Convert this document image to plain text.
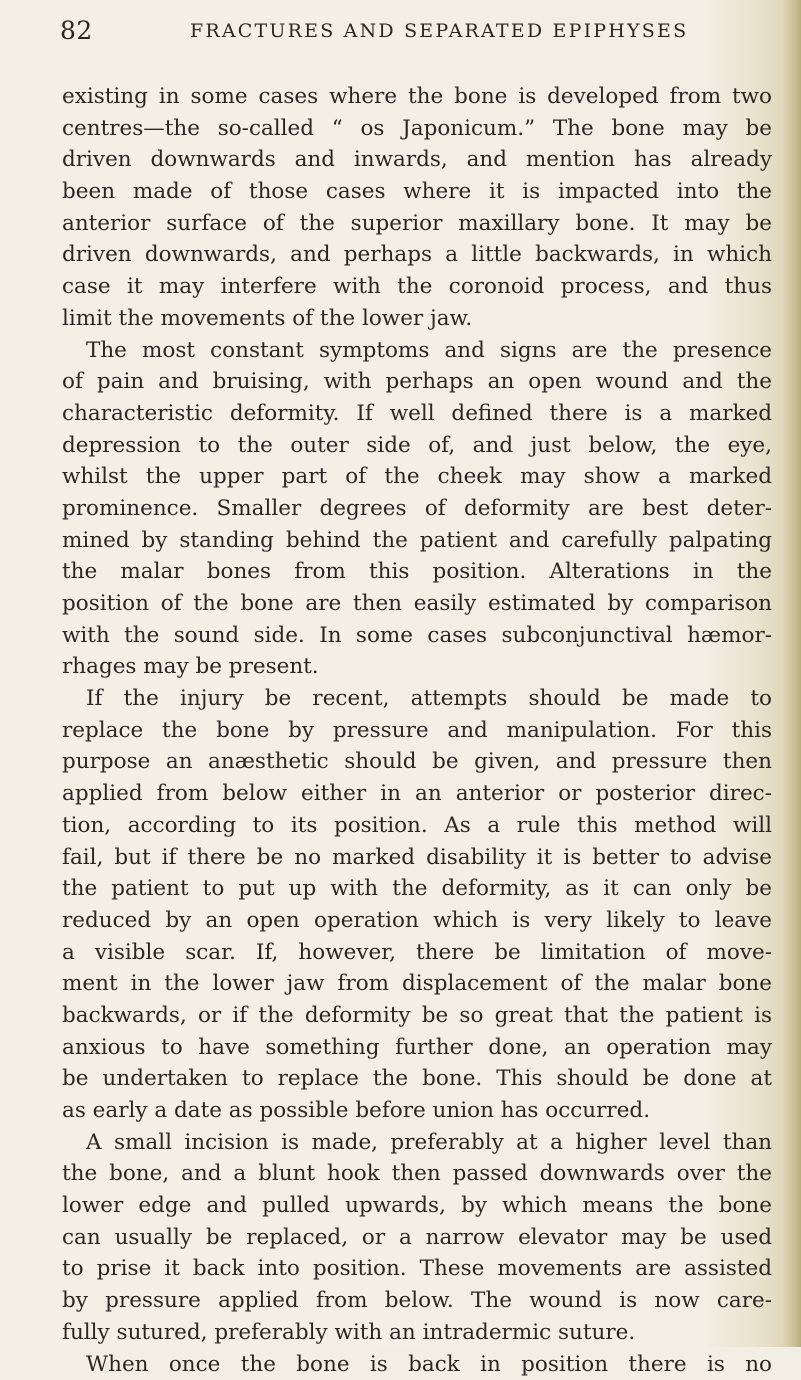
82	FRACTURES AND SEPARATED EPIPHYSES
existing in some cases where the bone is developed from two
centres—the so-called “ os Japonicum.” The bone may be
driven downwards and inwards, and mention has already
been made of those cases where it is impacted into the
anterior surface of the superior maxillary bone. It may be
driven downwards, and perhaps a little backwards, in which
case it may interfere with the coronoid process, and thus
limit the movements of the lower jaw.
The most constant symptoms and signs are the presence
of pain and bruising, with perhaps an open wound and the
characteristic deformity. If well defined there is a marked
depression to the outer side of, and just below, the eye,
whilst the upper part of the cheek may show a marked
prominence. Smaller degrees of deformity are best deter-
mined by standing behind the patient and carefully palpating
the malar bones from this position. Alterations in the
position of the bone are then easily estimated by comparison
with the sound side. In some cases subconjunctival hæmor-
rhages may be present.
If the injury be recent, attempts should be made to
replace the bone by pressure and manipulation. For this
purpose an anæsthetic should be given, and pressure then
applied from below either in an anterior or posterior direc-
tion, according to its position. As a rule this method will
fail, but if there be no marked disability it is better to advise
the patient to put up with the deformity, as it can only be
reduced by an open operation which is very likely to leave
a visible scar. If, however, there be limitation of move-
ment in the lower jaw from displacement of the malar bone
backwards, or if the deformity be so great that the patient is
anxious to have something further done, an operation may
be undertaken to replace the bone. This should be done at
as early a date as possible before union has occurred.
A small incision is made, preferably at a higher level than
the bone, and a blunt hook then passed downwards over the
lower edge and pulled upwards, by which means the bone
can usually be replaced, or a narrow elevator may be used
to prise it back into position. These movements are assisted
by pressure applied from below. The wound is now care-
fully sutured, preferably with an intradermic suture.
When once the bone is back in position there is no
